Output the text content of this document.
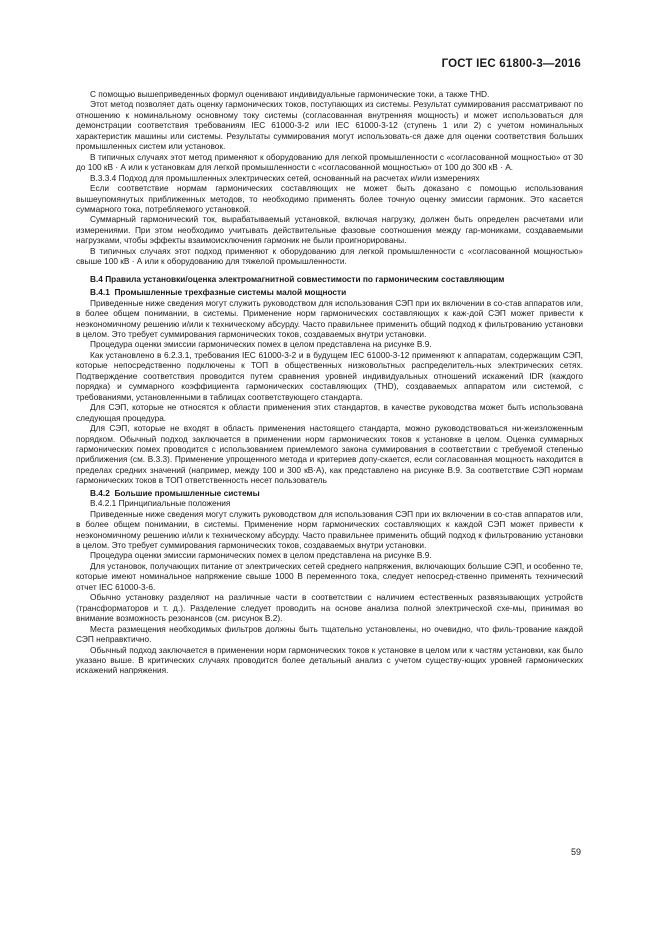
ГОСТ IEC 61800-3—2016

С помощью вышеприведенных формул оценивают индивидуальные гармонические токи, а также THD.

Этот метод позволяет дать оценку гармонических токов, поступающих из системы. Результат суммирования рассматривают по отношению к номинальному основному току системы (согласованная внутренняя мощность) и может использоваться для демонстрации соответствия требованиям IEC 61000-3-2 или IEC 61000-3-12 (ступень 1 или 2) с учетом номинальных характеристик машины или системы. Результаты суммирования могут использовать-ся даже для оценки соответствия больших промышленных систем или установок.

В типичных случаях этот метод применяют к оборудованию для легкой промышленности с «согласованной мощностью» от 30 до 100 кВ · А или к установкам для легкой промышленности с «согласованной мощностью» от 100 до 300 кВ · А.

B.3.3.4 Подход для промышленных электрических сетей, основанный на расчетах и/или измерениях

Если соответствие нормам гармонических составляющих не может быть доказано с помощью использования вышеупомянутых приближенных методов, то необходимо применять более точную оценку эмиссии гармоник. Это касается суммарного тока, потребляемого установкой.

Суммарный гармонический ток, вырабатываемый установкой, включая нагрузку, должен быть определен расчетами или измерениями. При этом необходимо учитывать действительные фазовые соотношения между гар-мониками, создаваемыми нагрузками, чтобы эффекты взаимоисключения гармоник не были проигнорированы.

В типичных случаях этот подход применяют к оборудованию для легкой промышленности с «согласованной мощностью» свыше 100 кВ · А или к оборудованию для тяжелой промышленности.

B.4 Правила установки/оценка электромагнитной совместимости по гармоническим составляющим

B.4.1 Промышленные трехфазные системы малой мощности

Приведенные ниже сведения могут служить руководством для использования СЭП при их включении в со-став аппаратов или, в более общем понимании, в системы. Применение норм гармонических составляющих к каж-дой СЭП может привести к неэкономичному решению и/или к техническому абсурду. Часто правильнее применить общий подход к фильтрованию установки в целом. Это требует суммирования гармонических токов, создаваемых внутри установки.

Процедура оценки эмиссии гармонических помех в целом представлена на рисунке B.9.

Как установлено в 6.2.3.1, требования IEC 61000-3-2 и в будущем IEC 61000-3-12 применяют к аппаратам, содержащим СЭП, которые непосредственно подключены к ТОП в общественных низковольтных распределитель-ных электрических сетях. Подтверждение соответствия проводится путем сравнения уровней индивидуальных отношений искажений IDR (каждого порядка) и суммарного коэффициента гармонических составляющих (THD), создаваемых аппаратом или системой, с требованиями, установленными в таблицах соответствующего стандарта.

Для СЭП, которые не относятся к области применения этих стандартов, в качестве руководства может быть использована следующая процедура.

Для СЭП, которые не входят в область применения настоящего стандарта, можно руководствоваться ни-жеизложенным порядком. Обычный подход заключается в применении норм гармонических токов к установке в целом. Оценка суммарных гармонических помех проводится с использованием приемлемого закона суммирования в соответствии с требуемой степенью приближения (см. B.3.3). Применение упрощенного метода и критериев допу-скается, если согласованная мощность находится в пределах средних значений (например, между 100 и 300 кВ·А), как представлено на рисунке B.9. За соответствие СЭП нормам гармонических токов в ТОП ответственность несет пользователь

B.4.2 Большие промышленные системы

B.4.2.1 Принципиальные положения

Приведенные ниже сведения могут служить руководством для использования СЭП при их включении в со-став аппаратов или, в более общем понимании, в системы. Применение норм гармонических составляющих к каждой СЭП может привести к неэкономичному решению и/или к техническому абсурду. Часто правильнее применить общий подход к фильтрованию установки в целом. Это требует суммирования гармонических токов, создаваемых внутри установки.

Процедура оценки эмиссии гармонических помех в целом представлена на рисунке B.9.

Для установок, получающих питание от электрических сетей среднего напряжения, включающих большие СЭП, и особенно те, которые имеют номинальное напряжение свыше 1000 В переменного тока, следует непосред-ственно применять технический отчет IEC 61000-3-6.

Обычно установку разделяют на различные части в соответствии с наличием естественных развязывающих устройств (трансформаторов и т. д.). Разделение следует проводить на основе анализа полной электрической схе-мы, принимая во внимание возможность резонансов (см. рисунок B.2).

Места размещения необходимых фильтров должны быть тщательно установлены, но очевидно, что филь-трование каждой СЭП неправктично.

Обычный подход заключается в применении норм гармонических токов к установке в целом или к частям установки, как было указано выше. В критических случаях проводится более детальный анализ с учетом существу-ющих уровней гармонических искажений напряжения.

59
